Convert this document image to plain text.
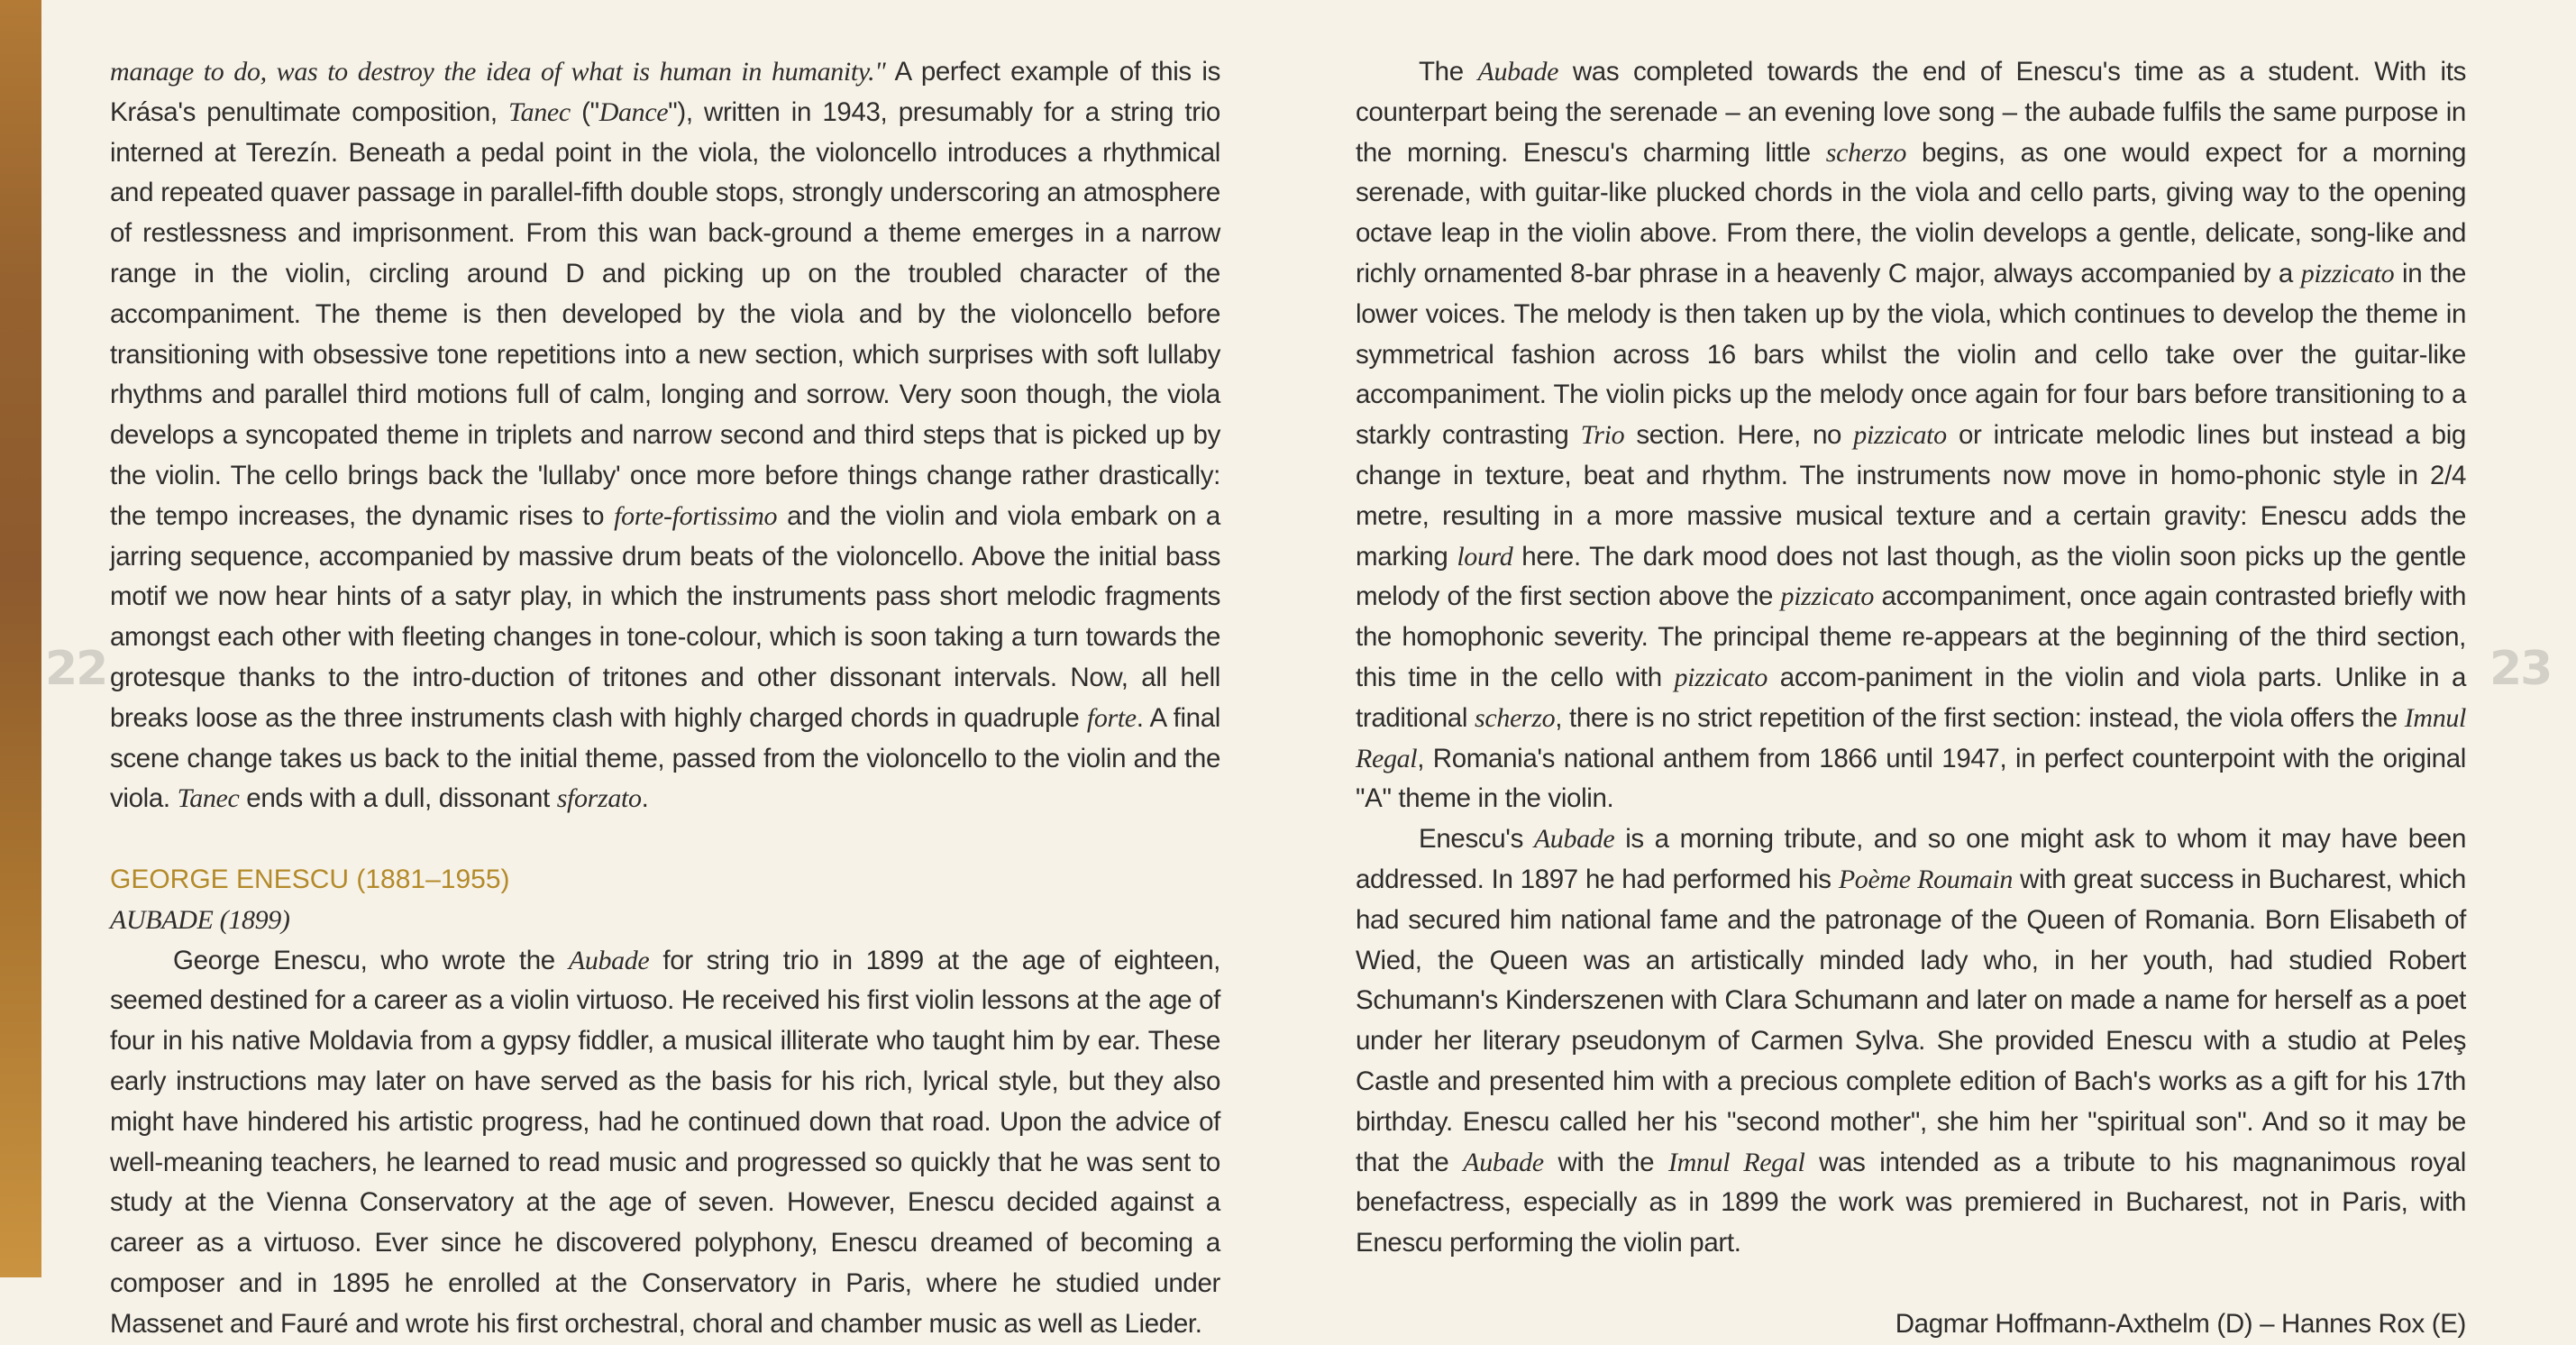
22	23

manage to do, was to destroy the idea of what is human in humanity." A perfect example of this is Krása's penultimate composition, Tanec ("Dance"), written in 1943, presumably for a string trio interned at Terezín. Beneath a pedal point in the viola, the violoncello introduces a rhythmical and repeated quaver passage in parallel-fifth double stops, strongly underscoring an atmosphere of restlessness and imprisonment. From this wan back-ground a theme emerges in a narrow range in the violin, circling around D and picking up on the troubled character of the accompaniment. The theme is then developed by the viola and by the violoncello before transitioning with obsessive tone repetitions into a new section, which surprises with soft lullaby rhythms and parallel third motions full of calm, longing and sorrow. Very soon though, the viola develops a syncopated theme in triplets and narrow second and third steps that is picked up by the violin. The cello brings back the 'lullaby' once more before things change rather drastically: the tempo increases, the dynamic rises to forte-fortissimo and the violin and viola embark on a jarring sequence, accompanied by massive drum beats of the violoncello. Above the initial bass motif we now hear hints of a satyr play, in which the instruments pass short melodic fragments amongst each other with fleeting changes in tone-colour, which is soon taking a turn towards the grotesque thanks to the intro-duction of tritones and other dissonant intervals. Now, all hell breaks loose as the three instruments clash with highly charged chords in quadruple forte. A final scene change takes us back to the initial theme, passed from the violoncello to the violin and the viola. Tanec ends with a dull, dissonant sforzato.

GEORGE ENESCU (1881–1955)
AUBADE (1899)

George Enescu, who wrote the Aubade for string trio in 1899 at the age of eighteen, seemed destined for a career as a violin virtuoso. He received his first violin lessons at the age of four in his native Moldavia from a gypsy fiddler, a musical illiterate who taught him by ear. These early instructions may later on have served as the basis for his rich, lyrical style, but they also might have hindered his artistic progress, had he continued down that road. Upon the advice of well-meaning teachers, he learned to read music and progressed so quickly that he was sent to study at the Vienna Conservatory at the age of seven. However, Enescu decided against a career as a virtuoso. Ever since he discovered polyphony, Enescu dreamed of becoming a composer and in 1895 he enrolled at the Conservatory in Paris, where he studied under Massenet and Fauré and wrote his first orchestral, choral and chamber music as well as Lieder.

The Aubade was completed towards the end of Enescu's time as a student. With its counterpart being the serenade – an evening love song – the aubade fulfils the same purpose in the morning. Enescu's charming little scherzo begins, as one would expect for a morning serenade, with guitar-like plucked chords in the viola and cello parts, giving way to the opening octave leap in the violin above. From there, the violin develops a gentle, delicate, song-like and richly ornamented 8-bar phrase in a heavenly C major, always accompanied by a pizzicato in the lower voices. The melody is then taken up by the viola, which continues to develop the theme in symmetrical fashion across 16 bars whilst the violin and cello take over the guitar-like accompaniment. The violin picks up the melody once again for four bars before transitioning to a starkly contrasting Trio section. Here, no pizzicato or intricate melodic lines but instead a big change in texture, beat and rhythm. The instruments now move in homo-phonic style in 2/4 metre, resulting in a more massive musical texture and a certain gravity: Enescu adds the marking lourd here. The dark mood does not last though, as the violin soon picks up the gentle melody of the first section above the pizzicato accompaniment, once again contrasted briefly with the homophonic severity. The principal theme re-appears at the beginning of the third section, this time in the cello with pizzicato accom-paniment in the violin and viola parts. Unlike in a traditional scherzo, there is no strict repetition of the first section: instead, the viola offers the Imnul Regal, Romania's national anthem from 1866 until 1947, in perfect counterpoint with the original "A" theme in the violin.

Enescu's Aubade is a morning tribute, and so one might ask to whom it may have been addressed. In 1897 he had performed his Poème Roumain with great success in Bucharest, which had secured him national fame and the patronage of the Queen of Romania. Born Elisabeth of Wied, the Queen was an artistically minded lady who, in her youth, had studied Robert Schumann's Kinderszenen with Clara Schumann and later on made a name for herself as a poet under her literary pseudonym of Carmen Sylva. She provided Enescu with a studio at Peleş Castle and presented him with a precious complete edition of Bach's works as a gift for his 17th birthday. Enescu called her his "second mother", she him her "spiritual son". And so it may be that the Aubade with the Imnul Regal was intended as a tribute to his magnanimous royal benefactress, especially as in 1899 the work was premiered in Bucharest, not in Paris, with Enescu performing the violin part.

Dagmar Hoffmann-Axthelm (D) – Hannes Rox (E)
